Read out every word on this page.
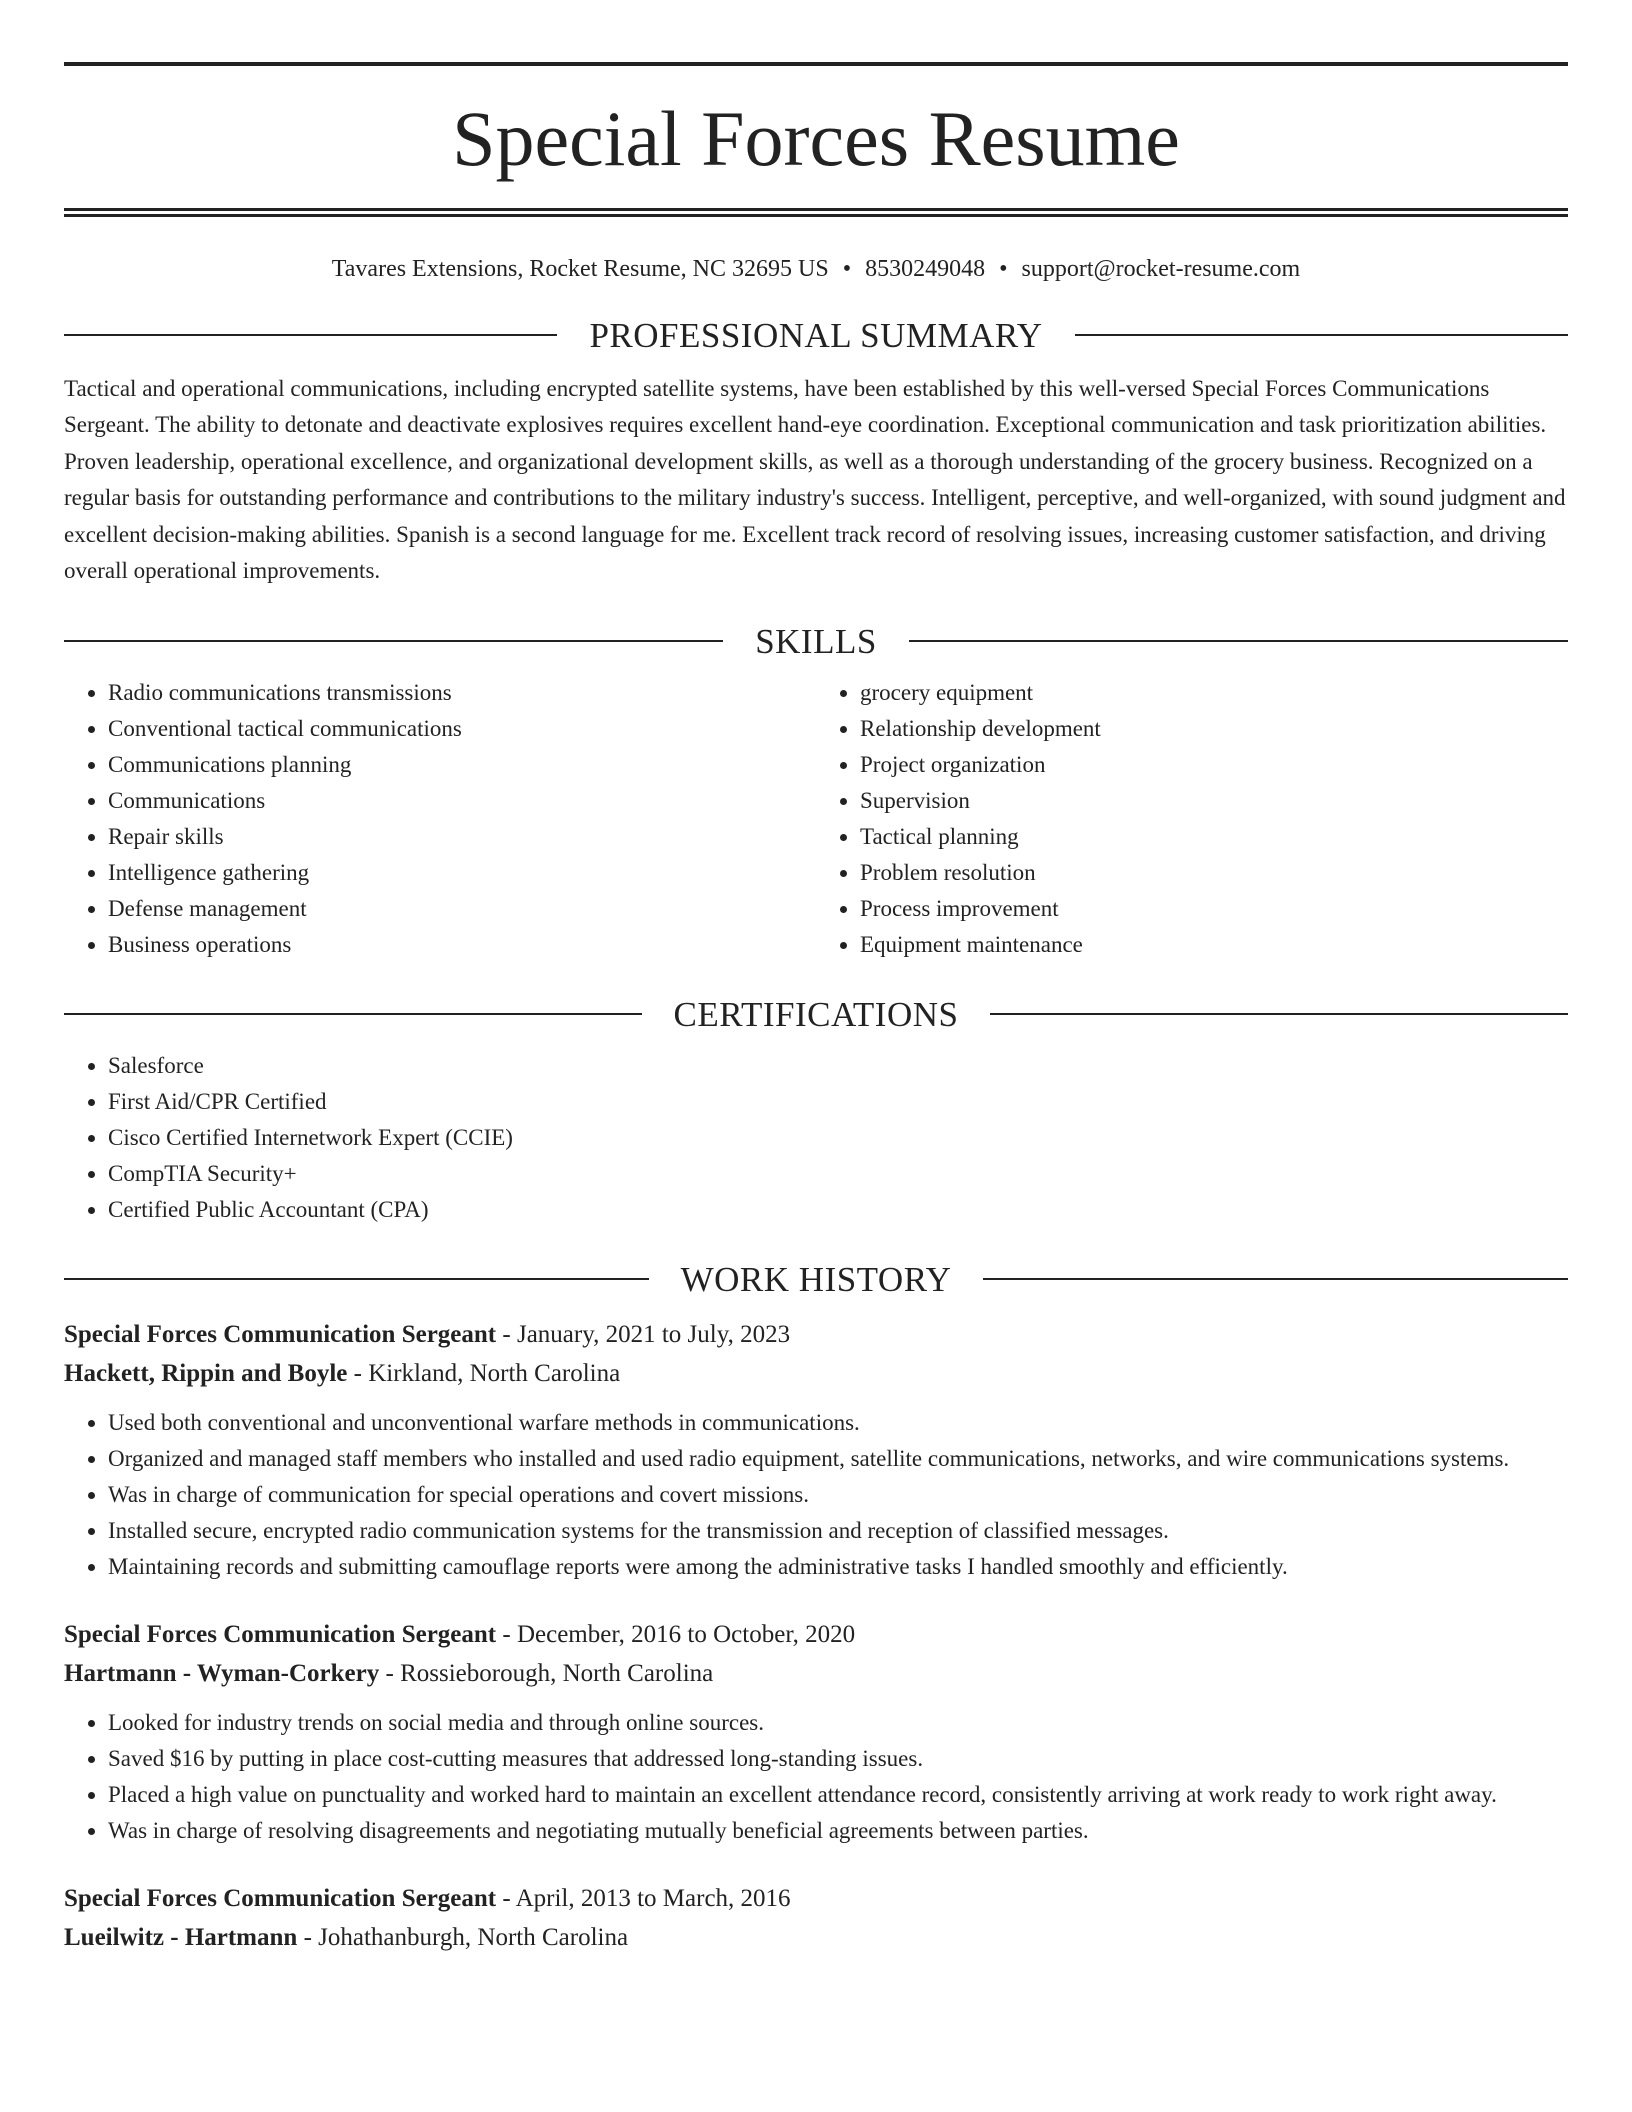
Special Forces Resume
Tavares Extensions, Rocket Resume, NC 32695 US • 8530249048 • support@rocket-resume.com
PROFESSIONAL SUMMARY

Tactical and operational communications, including encrypted satellite systems, have been established by this well-versed Special Forces Communications Sergeant. The ability to detonate and deactivate explosives requires excellent hand-eye coordination. Exceptional communication and task prioritization abilities. Proven leadership, operational excellence, and organizational development skills, as well as a thorough understanding of the grocery business. Recognized on a regular basis for outstanding performance and contributions to the military industry's success. Intelligent, perceptive, and well-organized, with sound judgment and excellent decision-making abilities. Spanish is a second language for me. Excellent track record of resolving issues, increasing customer satisfaction, and driving overall operational improvements.

SKILLS
• Radio communications transmissions
• Conventional tactical communications
• Communications planning
• Communications
• Repair skills
• Intelligence gathering
• Defense management
• Business operations
• grocery equipment
• Relationship development
• Project organization
• Supervision
• Tactical planning
• Problem resolution
• Process improvement
• Equipment maintenance
CERTIFICATIONS
• Salesforce
• First Aid/CPR Certified
• Cisco Certified Internetwork Expert (CCIE)
• CompTIA Security+
• Certified Public Accountant (CPA)
WORK HISTORY
Special Forces Communication Sergeant - January, 2021 to July, 2023
Hackett, Rippin and Boyle - Kirkland, North Carolina
• Used both conventional and unconventional warfare methods in communications.
• Organized and managed staff members who installed and used radio equipment, satellite communications, networks, and wire communications systems.
• Was in charge of communication for special operations and covert missions.
• Installed secure, encrypted radio communication systems for the transmission and reception of classified messages.
• Maintaining records and submitting camouflage reports were among the administrative tasks I handled smoothly and efficiently.
Special Forces Communication Sergeant - December, 2016 to October, 2020
Hartmann - Wyman-Corkery - Rossieborough, North Carolina
• Looked for industry trends on social media and through online sources.
• Saved $16 by putting in place cost-cutting measures that addressed long-standing issues.
• Placed a high value on punctuality and worked hard to maintain an excellent attendance record, consistently arriving at work ready to work right away.
• Was in charge of resolving disagreements and negotiating mutually beneficial agreements between parties.
Special Forces Communication Sergeant - April, 2013 to March, 2016
Lueilwitz - Hartmann - Johathanburgh, North Carolina
